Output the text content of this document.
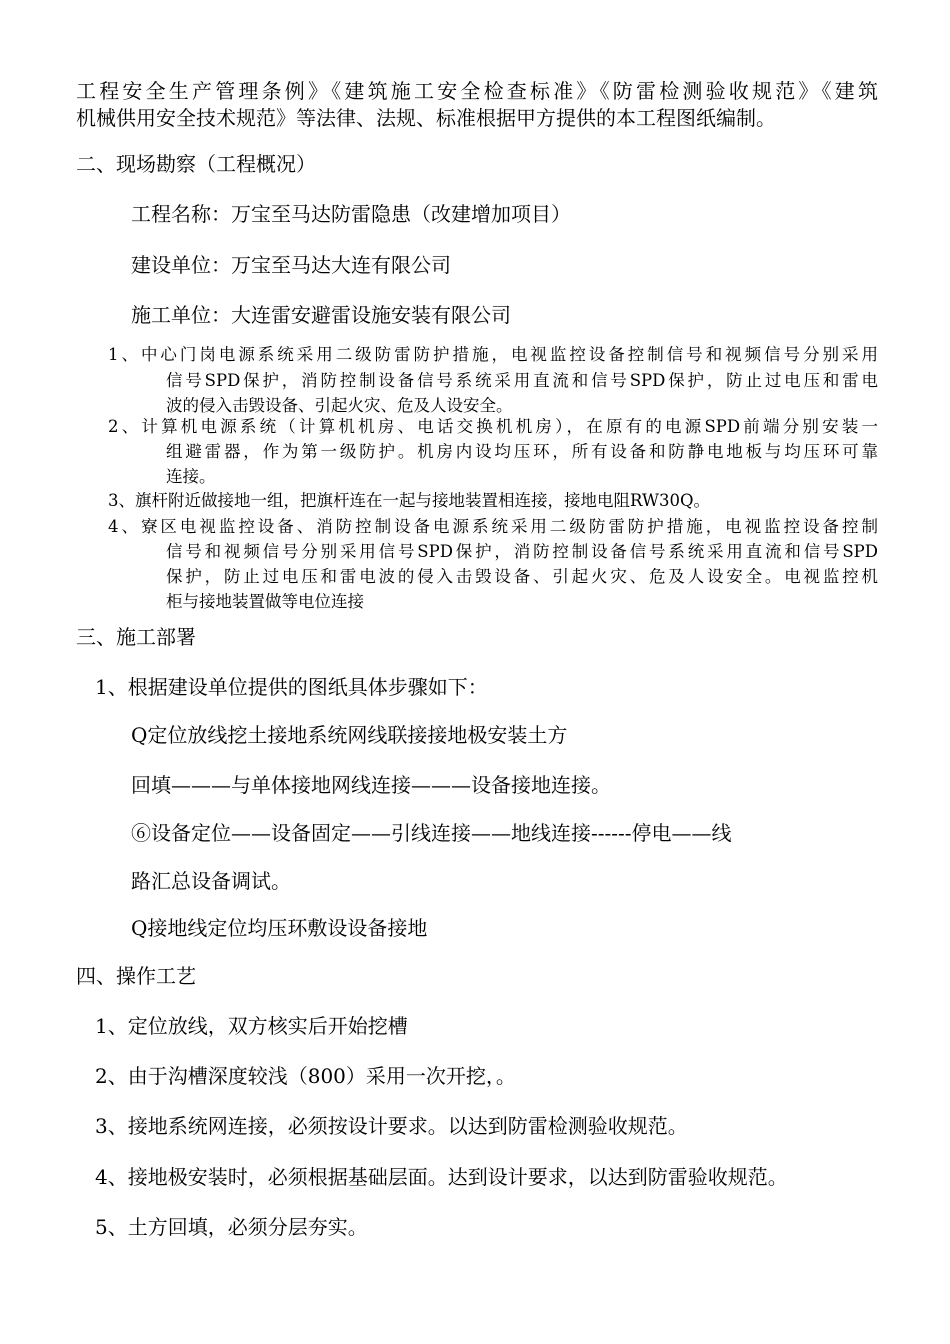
工程安全生产管理条例》《建筑施工安全检查标准》《防雷检测验收规范》《建筑
机械供用安全技术规范》等法律、法规、标准根据甲方提供的本工程图纸编制。
二、现场勘察（工程概况）
工程名称：万宝至马达防雷隐患（改建增加项目）
建设单位：万宝至马达大连有限公司
施工单位：大连雷安避雷设施安装有限公司
1、中心门岗电源系统采用二级防雷防护措施，电视监控设备控制信号和视频信号分别采用
信号SPD保护，消防控制设备信号系统采用直流和信号SPD保护，防止过电压和雷电
波的侵入击毁设备、引起火灾、危及人设安全。
2、计算机电源系统（计算机机房、电话交换机机房），在原有的电源SPD前端分别安装一
组避雷器，作为第一级防护。机房内设均压环，所有设备和防静电地板与均压环可靠
连接。
3、旗杆附近做接地一组，把旗杆连在一起与接地装置相连接，接地电阻RW30Q。
4、寮区电视监控设备、消防控制设备电源系统采用二级防雷防护措施，电视监控设备控制
信号和视频信号分别采用信号SPD保护，消防控制设备信号系统采用直流和信号SPD
保护，防止过电压和雷电波的侵入击毁设备、引起火灾、危及人设安全。电视监控机
柜与接地装置做等电位连接
三、施工部署
1、根据建设单位提供的图纸具体步骤如下：
Q定位放线挖土接地系统网线联接接地极安装土方
回填———与单体接地网线连接———设备接地连接。
⑥设备定位——设备固定——引线连接——地线连接------停电——线
路汇总设备调试。
Q接地线定位均压环敷设设备接地
四、操作工艺
1、定位放线，双方核实后开始挖槽
2、由于沟槽深度较浅（800）采用一次开挖，。
3、接地系统网连接，必须按设计要求。以达到防雷检测验收规范。
4、接地极安装时，必须根据基础层面。达到设计要求，以达到防雷验收规范。
5、土方回填，必须分层夯实。
